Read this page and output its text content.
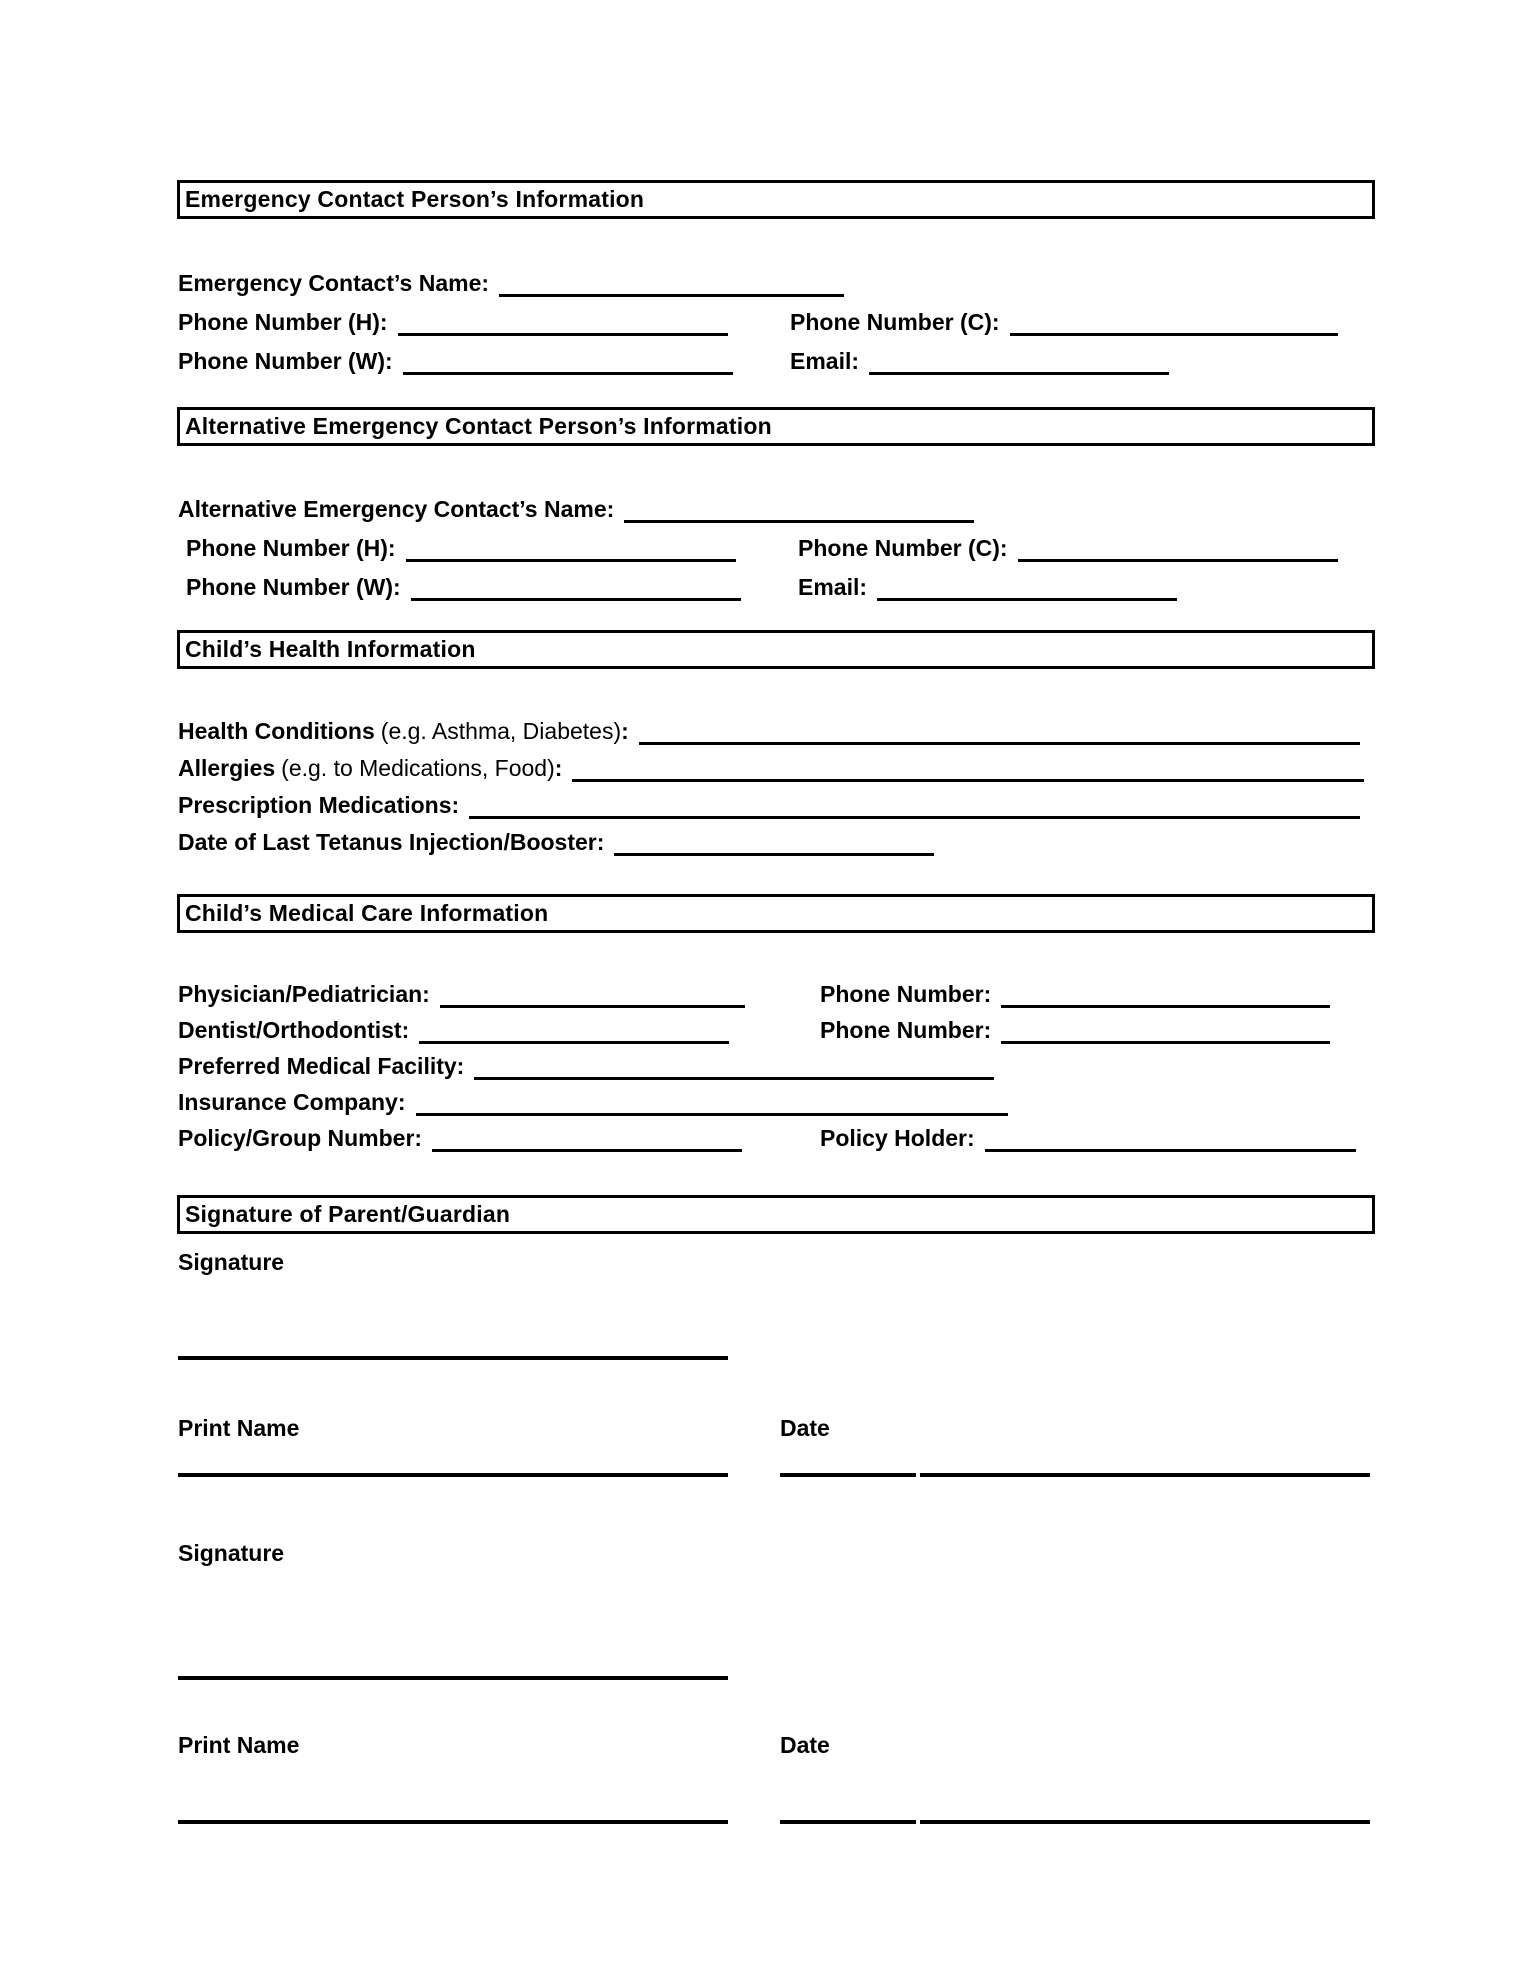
Emergency Contact Person’s Information
Emergency Contact’s Name:
Phone Number (H):	Phone Number (C):
Phone Number (W):	Email:
Alternative Emergency Contact Person’s Information
Alternative Emergency Contact’s Name:
Phone Number (H):	Phone Number (C):
Phone Number (W):	Email:
Child’s Health Information
Health Conditions (e.g. Asthma, Diabetes) :
Allergies (e.g. to Medications, Food) :
Prescription Medications:
Date of Last Tetanus Injection/Booster:
Child’s Medical Care Information
Physician/Pediatrician:	Phone Number:
Dentist/Orthodontist:	Phone Number:
Preferred Medical Facility:
Insurance Company:
Policy/Group Number:	Policy Holder:
Signature of Parent/Guardian
Signature
Print Name	Date
Signature
Print Name	Date
